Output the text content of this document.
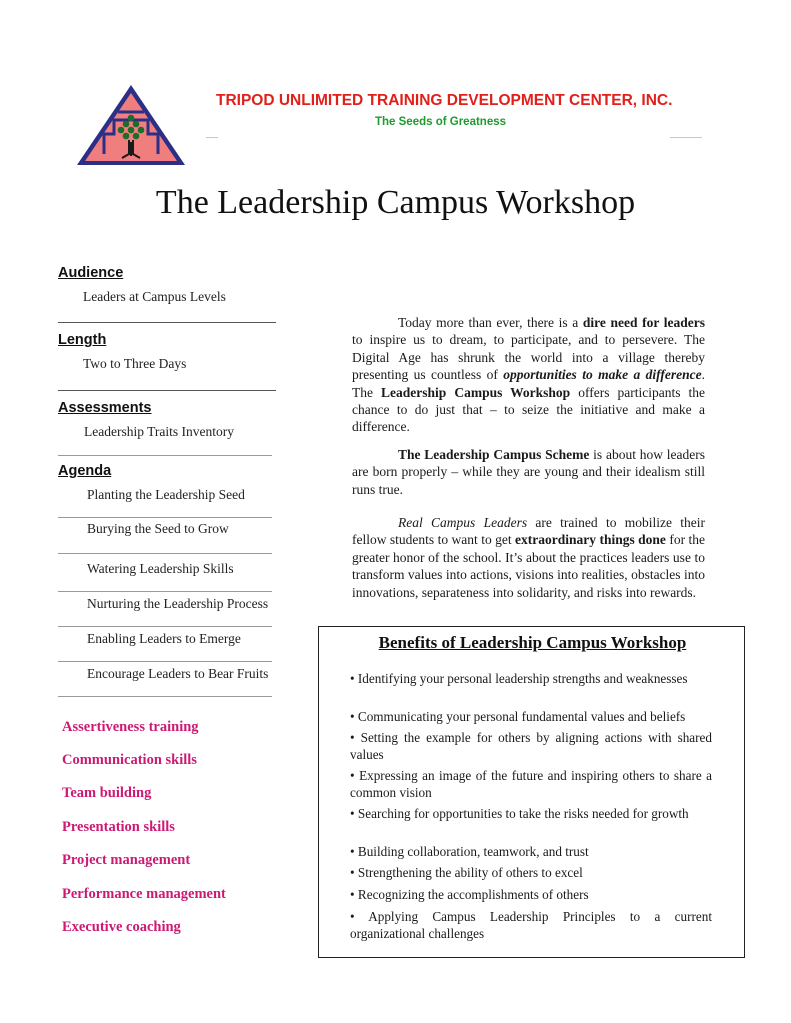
TRIPOD UNLIMITED TRAINING DEVELOPMENT CENTER, INC.
The Seeds of Greatness
The Leadership Campus Workshop
Audience
Leaders at Campus Levels
Length
Two to Three Days
Assessments
Leadership Traits Inventory
Agenda
Planting the Leadership Seed
Burying the Seed to Grow
Watering Leadership Skills
Nurturing the Leadership Process
Enabling Leaders to Emerge
Encourage Leaders to Bear Fruits
Assertiveness training
Communication skills
Team building
Presentation skills
Project management
Performance management
Executive coaching
Today more than ever, there is a dire need for leaders to inspire us to dream, to participate, and to persevere. The Digital Age has shrunk the world into a village thereby presenting us countless of opportunities to make a difference. The Leadership Campus Workshop offers participants the chance to do just that – to seize the initiative and make a difference.
The Leadership Campus Scheme is about how leaders are born properly – while they are young and their idealism still runs true.
Real Campus Leaders are trained to mobilize their fellow students to want to get extraordinary things done for the greater honor of the school. It’s about the practices leaders use to transform values into actions, visions into realities, obstacles into innovations, separateness into solidarity, and risks into rewards.
Benefits of Leadership Campus Workshop
• Identifying your personal leadership strengths and weaknesses
• Communicating your personal fundamental values and beliefs
• Setting the example for others by aligning actions with shared values
• Expressing an image of the future and inspiring others to share a common vision
• Searching for opportunities to take the risks needed for growth
• Building collaboration, teamwork, and trust
• Strengthening the ability of others to excel
• Recognizing the accomplishments of others
• Applying Campus Leadership Principles to a current organizational challenges
